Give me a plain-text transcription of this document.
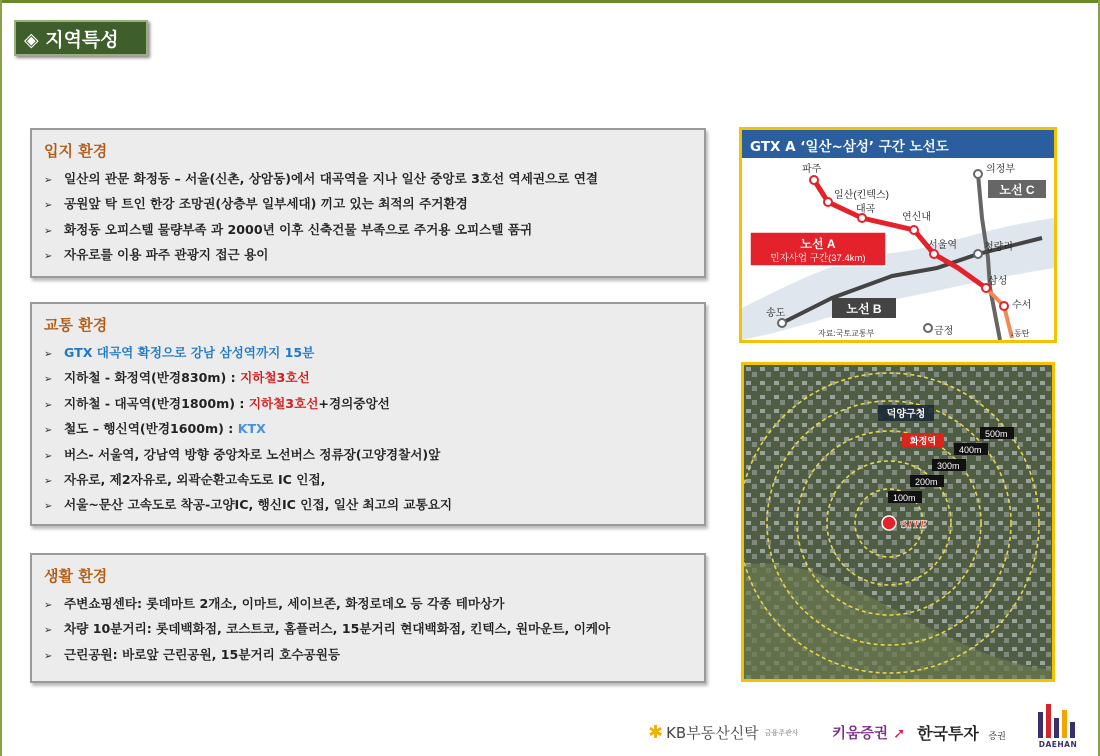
◈ 지역특성
입지 환경
➢ 일산의 관문 화정동 – 서울(신촌, 상암동)에서 대곡역을 지나 일산 중앙로 3호선 역세권으로 연결
➢ 공원앞 탁 트인 한강 조망권(상층부 일부세대) 끼고 있는 최적의 주거환경
➢ 화정동 오피스텔 물량부족 과 2000년 이후 신축건물 부족으로 주거용 오피스텔 품귀
➢ 자유로를 이용 파주 관광지 접근 용이
교통 환경
➢ GTX 대곡역 확정으로 강남 삼성역까지 15분
➢ 지하철 - 화정역(반경830m) : 지하철3호선
➢ 지하철 - 대곡역(반경1800m) : 지하철3호선+경의중앙선
➢ 철도 – 행신역(반경1600m) : KTX
➢ 버스- 서울역, 강남역 방향 중앙차로 노선버스 정류장(고양경찰서)앞
➢ 자유로, 제2자유로, 외곽순환고속도로 IC 인접,
➢ 서울~문산 고속도로 착공-고양IC, 행신IC 인접, 일산 최고의 교통요지
생활 환경
➢ 주변쇼핑센타: 롯데마트 2개소, 이마트, 세이브존, 화정로데오 등 각종 테마상가
➢ 차량 10분거리: 롯데백화점, 코스트코, 홈플러스, 15분거리 현대백화점, 킨텍스, 원마운트, 이케아
➢ 근린공원: 바로앞 근린공원, 15분거리 호수공원등
GTX A ‘일산~삼성’ 구간 노선도
파주
일산(킨텍스)
대곡
연신내
서울역	청량리
삼성
수서
의정부
송도
금정
자료:국토교통부	↓동탄
노선 A
민자사업 구간(37.4km)
노선 B
노선 C
100m
200m
300m
400m
500m
덕양구청
화정역
SITE
✱ KB부동산신탁 금융주관사 키움증권 ➚ 한국투자 증권
DAEHAN
